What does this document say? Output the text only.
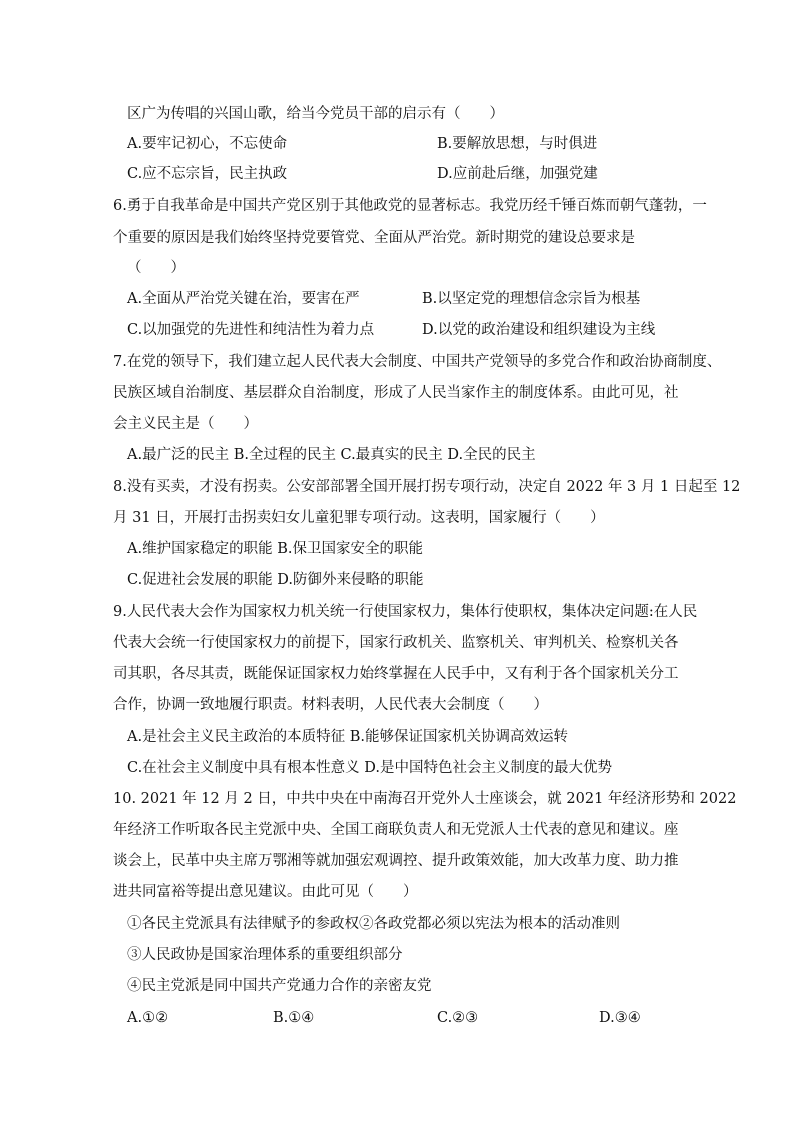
区广为传唱的兴国山歌，给当今党员干部的启示有（　　）
A.要牢记初心，不忘使命	B.要解放思想，与时俱进
C.应不忘宗旨，民主执政	D.应前赴后继，加强党建
6.勇于自我革命是中国共产党区别于其他政党的显著标志。我党历经千锤百炼而朝气蓬勃，一
个重要的原因是我们始终坚持党要管党、全面从严治党。新时期党的建设总要求是
（　　）
A.全面从严治党关键在治，要害在严	B.以坚定党的理想信念宗旨为根基
C.以加强党的先进性和纯洁性为着力点	D.以党的政治建设和组织建设为主线
7.在党的领导下，我们建立起人民代表大会制度、中国共产党领导的多党合作和政治协商制度、
民族区域自治制度、基层群众自治制度，形成了人民当家作主的制度体系。由此可见，社
会主义民主是（　　）
A.最广泛的民主 B.全过程的民主 C.最真实的民主 D.全民的民主
8.没有买卖，才没有拐卖。公安部部署全国开展打拐专项行动，决定自 2022 年 3 月 1 日起至 12
月 31 日，开展打击拐卖妇女儿童犯罪专项行动。这表明，国家履行（　　）
A.维护国家稳定的职能 B.保卫国家安全的职能
C.促进社会发展的职能 D.防御外来侵略的职能
9.人民代表大会作为国家权力机关统一行使国家权力，集体行使职权，集体决定问题:在人民
代表大会统一行使国家权力的前提下，国家行政机关、监察机关、审判机关、检察机关各
司其职，各尽其责，既能保证国家权力始终掌握在人民手中，又有利于各个国家机关分工
合作，协调一致地履行职责。材料表明，人民代表大会制度（　　）
A.是社会主义民主政治的本质特征 B.能够保证国家机关协调高效运转
C.在社会主义制度中具有根本性意义 D.是中国特色社会主义制度的最大优势
10. 2021 年 12 月 2 日，中共中央在中南海召开党外人士座谈会，就 2021 年经济形势和 2022
年经济工作听取各民主党派中央、全国工商联负责人和无党派人士代表的意见和建议。座
谈会上，民革中央主席万鄂湘等就加强宏观调控、提升政策效能，加大改革力度、助力推
进共同富裕等提出意见建议。由此可见（　　）
①各民主党派具有法律赋予的参政权②各政党都必须以宪法为根本的活动准则
③人民政协是国家治理体系的重要组织部分
④民主党派是同中国共产党通力合作的亲密友党
A.①②	B.①④	C.②③	D.③④
